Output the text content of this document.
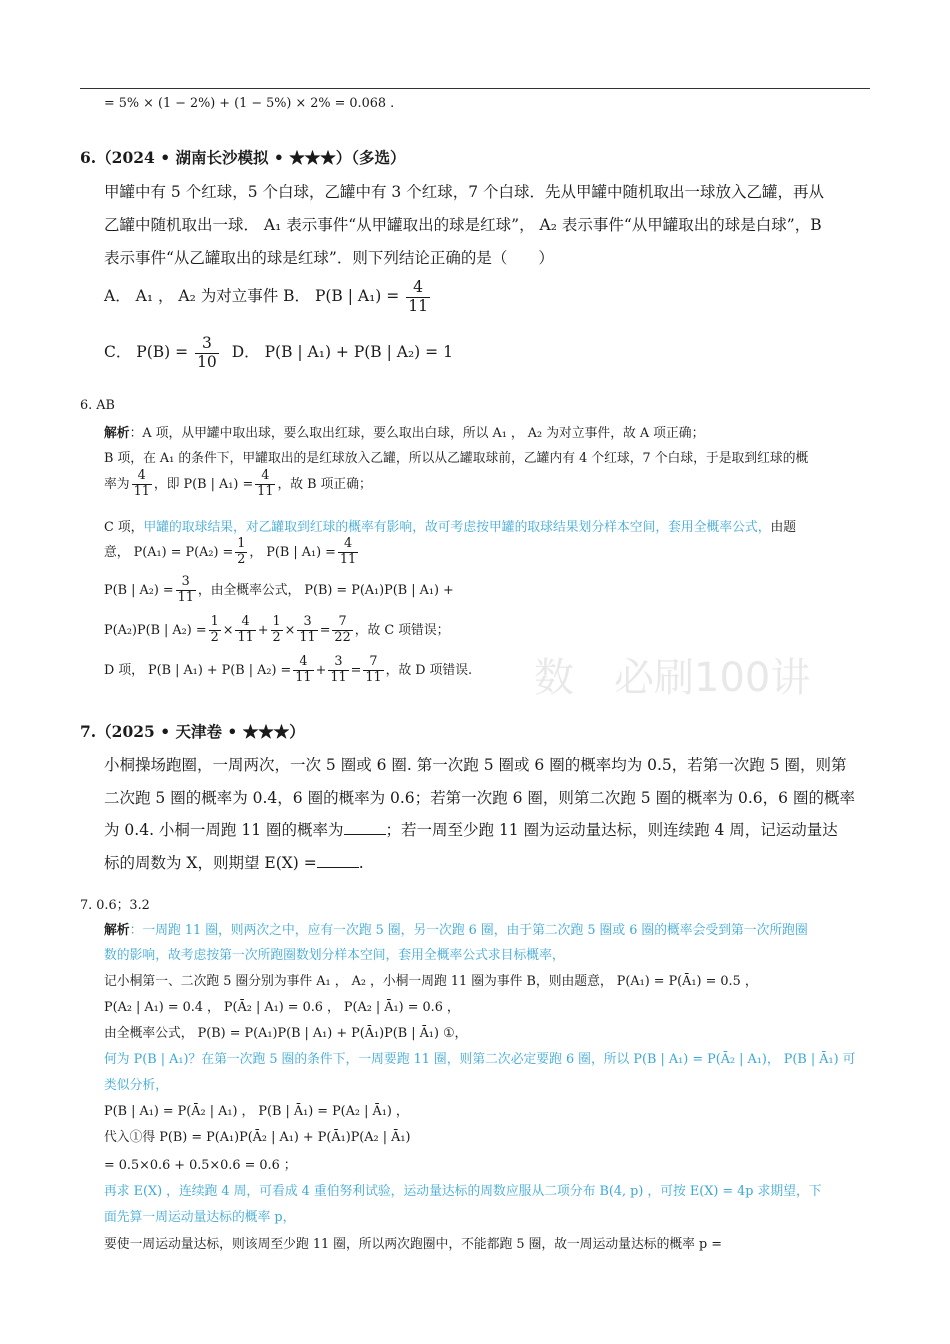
= 5% × (1 − 2%) + (1 − 5%) × 2% = 0.068 .
6.（2024 • 湖南长沙模拟 • ★★★）（多选）
甲罐中有 5 个红球，5 个白球，乙罐中有 3 个红球，7 个白球．先从甲罐中随机取出一球放入乙罐，再从
乙罐中随机取出一球． A₁ 表示事件“从甲罐取出的球是红球”， A₂ 表示事件“从甲罐取出的球是白球”，B
表示事件“从乙罐取出的球是红球”．则下列结论正确的是（　　）
A． A₁ ， A₂ 为对立事件 B． P(B | $A_1) = \frac{4}{11}$
C． $P(B) = \frac{3}{10}$ D． P(B | A₁) + P(B | A₂) = 1
6. AB
解析：A 项，从甲罐中取出球，要么取出红球，要么取出白球，所以 A₁ ， A₂ 为对立事件，故 A 项正确；
B 项，在 A₁ 的条件下，甲罐取出的是红球放入乙罐，所以从乙罐取球前，乙罐内有 4 个红球，7 个白球，于是取到红球的概
率为 $\frac{4}{11}$ ，即 P(B | $A_1) = \frac{4}{11}$ ，故 B 项正确；
C 项，甲罐的取球结果，对乙罐取到红球的概率有影响，故可考虑按甲罐的取球结果划分样本空间，套用全概率公式，由题
意， $P(A_1) = P(A_2) = \frac{1}{2}$ ， P(B | $A_1) = \frac{4}{11}$
P(B | $A_2) = \frac{3}{11}$ ，由全概率公式， P(B) = P(A₁)P(B | A₁) +
P(A₂)P(B | $A_2) = \frac{1}{2} \times \frac{4}{11} + \frac{1}{2} \times \frac{3}{11} = \frac{7}{22}$ ，故 C 项错误；
D 项， P(B | A₁) + P(B | $A_2) = \frac{4}{11} + \frac{3}{11} = \frac{7}{11}$ ，故 D 项错误. 数　必刷100讲
7.（2025 • 天津卷 • ★★★）
小桐操场跑圈，一周两次，一次 5 圈或 6 圈. 第一次跑 5 圈或 6 圈的概率均为 0.5，若第一次跑 5 圈，则第
二次跑 5 圈的概率为 0.4，6 圈的概率为 0.6；若第一次跑 6 圈，则第二次跑 5 圈的概率为 0.6，6 圈的概率
为 0.4. 小桐一周跑 11 圈的概率为	；若一周至少跑 11 圈为运动量达标，则连续跑 4 周，记运动量达
标的周数为 X，则期望 E(X) =	.
7. 0.6；3.2
解析：一周跑 11 圈，则两次之中，应有一次跑 5 圈，另一次跑 6 圈，由于第二次跑 5 圈或 6 圈的概率会受到第一次所跑圈
数的影响，故考虑按第一次所跑圈数划分样本空间，套用全概率公式求目标概率，
记小桐第一、二次跑 5 圈分别为事件 A₁ ， A₂ ，小桐一周跑 11 圈为事件 B，则由题意， P(A₁) = P(Ā₁) = 0.5 ，
P(A₂ | A₁) = 0.4 ， P(Ā₂ | A₁) = 0.6 ， P(A₂ | Ā₁) = 0.6 ，
由全概率公式， P(B) = P(A₁)P(B | A₁) + P(Ā₁)P(B | Ā₁) ①，
何为 P(B | A₁)？在第一次跑 5 圈的条件下，一周要跑 11 圈，则第二次必定要跑 6 圈，所以 P(B | A₁) = P(Ā₂ | A₁)， P(B | Ā₁) 可
类似分析，
P(B | A₁) = P(Ā₂ | A₁) ， P(B | Ā₁) = P(A₂ | Ā₁) ，
代入①得 P(B) = P(A₁)P(Ā₂ | A₁) + P(Ā₁)P(A₂ | Ā₁)
= 0.5×0.6 + 0.5×0.6 = 0.6 ；
再求 E(X) ，连续跑 4 周，可看成 4 重伯努利试验，运动量达标的周数应服从二项分布 B(4, p) ，可按 E(X) = 4p 求期望，下
面先算一周运动量达标的概率 p，
要使一周运动量达标，则该周至少跑 11 圈，所以两次跑圈中，不能都跑 5 圈，故一周运动量达标的概率 p =
